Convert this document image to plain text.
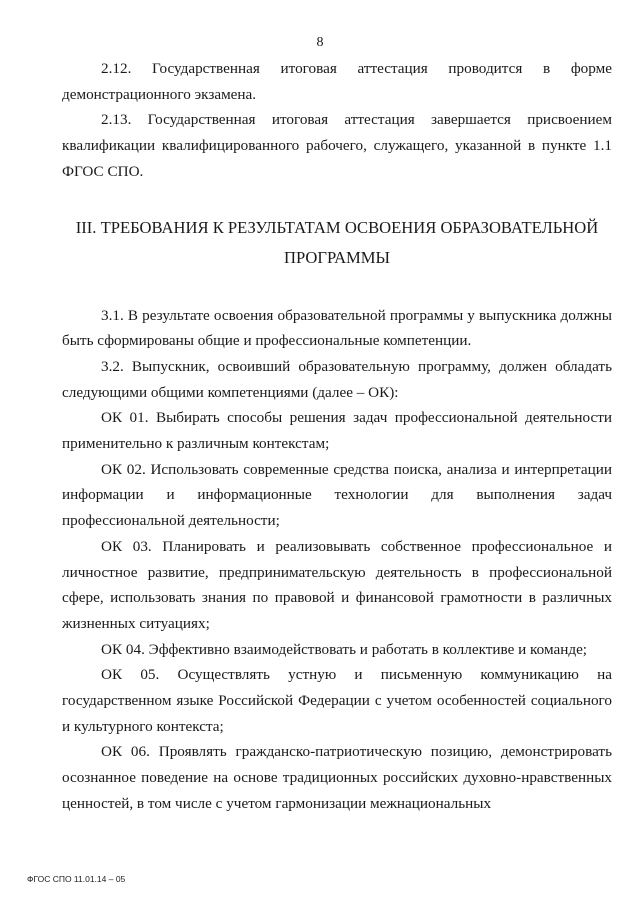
8

2.12. Государственная итоговая аттестация проводится в форме демонстрационного экзамена.

2.13. Государственная итоговая аттестация завершается присвоением квалификации квалифицированного рабочего, служащего, указанной в пункте 1.1 ФГОС СПО.

III. ТРЕБОВАНИЯ К РЕЗУЛЬТАТАМ ОСВОЕНИЯ ОБРАЗОВАТЕЛЬНОЙ ПРОГРАММЫ

3.1. В результате освоения образовательной программы у выпускника должны быть сформированы общие и профессиональные компетенции.

3.2. Выпускник, освоивший образовательную программу, должен обладать следующими общими компетенциями (далее – ОК):

ОК 01. Выбирать способы решения задач профессиональной деятельности применительно к различным контекстам;

ОК 02. Использовать современные средства поиска, анализа и интерпретации информации и информационные технологии для выполнения задач профессиональной деятельности;

ОК 03. Планировать и реализовывать собственное профессиональное и личностное развитие, предпринимательскую деятельность в профессиональной сфере, использовать знания по правовой и финансовой грамотности в различных жизненных ситуациях;

ОК 04. Эффективно взаимодействовать и работать в коллективе и команде;

ОК 05. Осуществлять устную и письменную коммуникацию на государственном языке Российской Федерации с учетом особенностей социального и культурного контекста;

ОК 06. Проявлять гражданско-патриотическую позицию, демонстрировать осознанное поведение на основе традиционных российских духовно-нравственных ценностей, в том числе с учетом гармонизации межнациональных

ФГОС СПО 11.01.14 – 05
